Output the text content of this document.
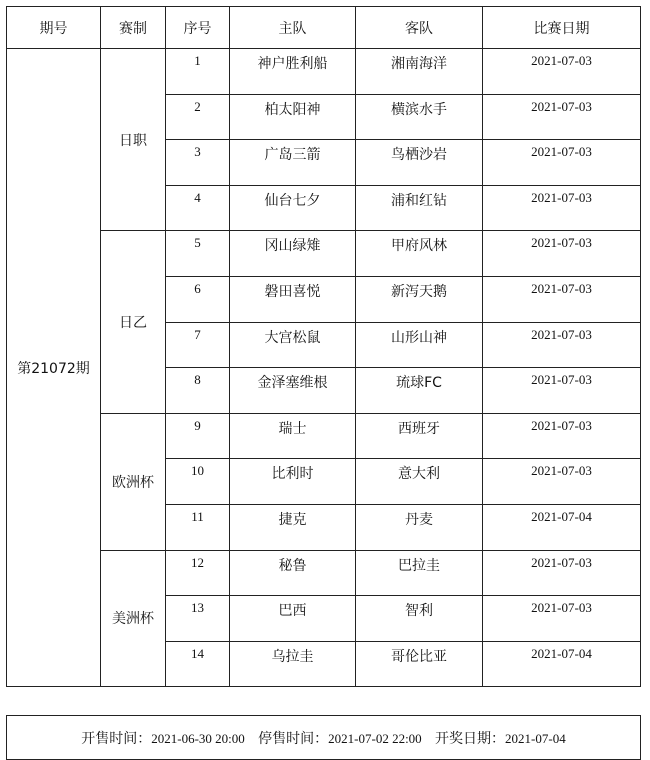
期号	赛制	序号	主队	客队	比赛日期
第21072期	日职	1	神户胜利船	湘南海洋	2021-07-03
		2	柏太阳神	横滨水手	2021-07-03
		3	广岛三箭	鸟栖沙岩	2021-07-03
		4	仙台七夕	浦和红钻	2021-07-03
	日乙	5	冈山绿雉	甲府风林	2021-07-03
		6	磐田喜悦	新泻天鹅	2021-07-03
		7	大宫松鼠	山形山神	2021-07-03
		8	金泽塞维根	琉球FC	2021-07-03
	欧洲杯	9	瑞士	西班牙	2021-07-03
		10	比利时	意大利	2021-07-03
		11	捷克	丹麦	2021-07-04
	美洲杯	12	秘鲁	巴拉圭	2021-07-03
		13	巴西	智利	2021-07-03
		14	乌拉圭	哥伦比亚	2021-07-04

开售时间：2021-06-30 20:00 停售时间：2021-07-02 22:00 开奖日期：2021-07-04					
